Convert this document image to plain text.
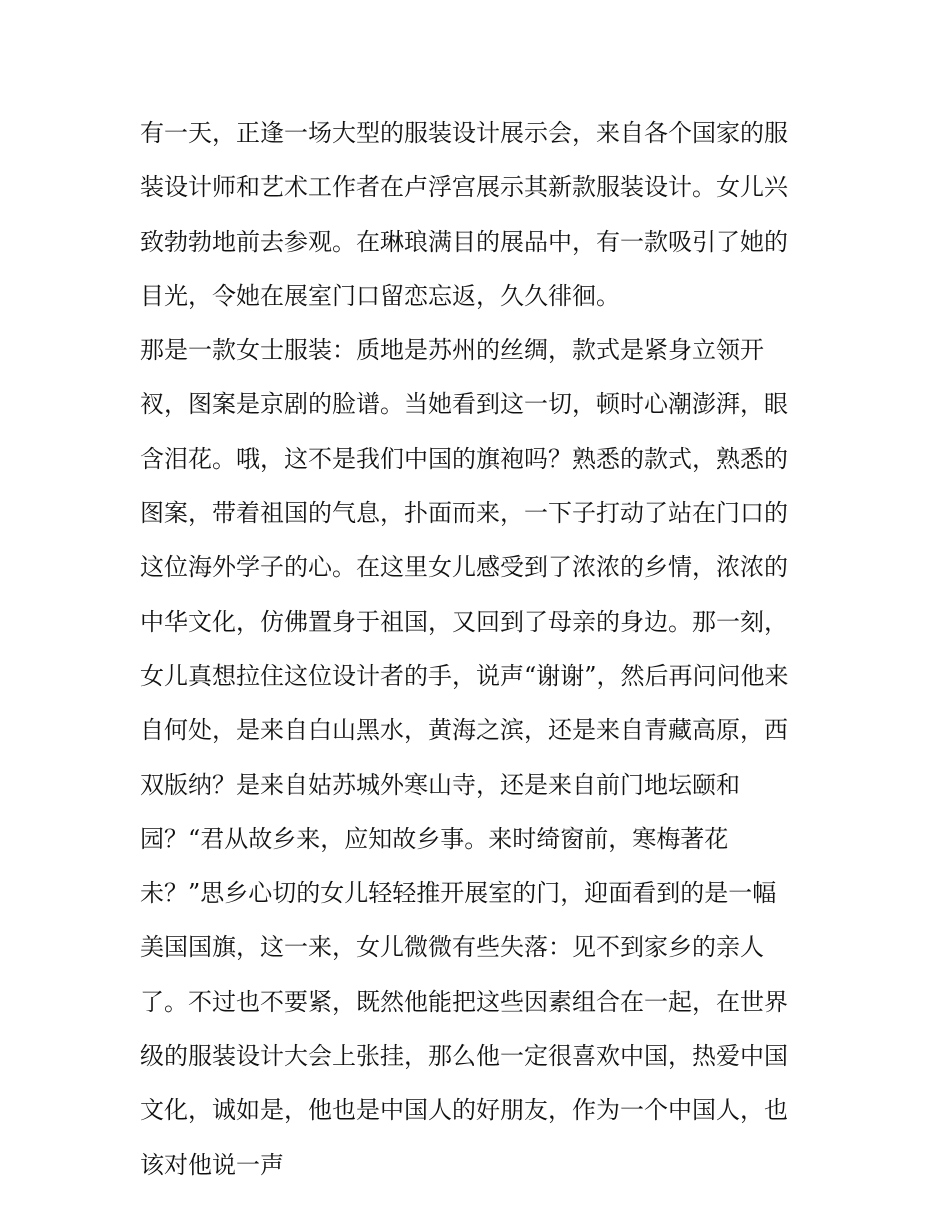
有一天，正逢一场大型的服装设计展示会，来自各个国家的服
装设计师和艺术工作者在卢浮宫展示其新款服装设计。女儿兴
致勃勃地前去参观。在琳琅满目的展品中，有一款吸引了她的
目光，令她在展室门口留恋忘返，久久徘徊。
那是一款女士服装：质地是苏州的丝绸，款式是紧身立领开
衩，图案是京剧的脸谱。当她看到这一切，顿时心潮澎湃，眼
含泪花。哦，这不是我们中国的旗袍吗？熟悉的款式，熟悉的
图案，带着祖国的气息，扑面而来，一下子打动了站在门口的
这位海外学子的心。在这里女儿感受到了浓浓的乡情，浓浓的
中华文化，仿佛置身于祖国，又回到了母亲的身边。那一刻，
女儿真想拉住这位设计者的手，说声“谢谢”，然后再问问他来
自何处，是来自白山黑水，黄海之滨，还是来自青藏高原，西
双版纳？是来自姑苏城外寒山寺，还是来自前门地坛颐和
园？“君从故乡来，应知故乡事。来时绮窗前，寒梅著花
未？”思乡心切的女儿轻轻推开展室的门，迎面看到的是一幅
美国国旗，这一来，女儿微微有些失落：见不到家乡的亲人
了。不过也不要紧，既然他能把这些因素组合在一起，在世界
级的服装设计大会上张挂，那么他一定很喜欢中国，热爱中国
文化，诚如是，他也是中国人的好朋友，作为一个中国人，也
该对他说一声
